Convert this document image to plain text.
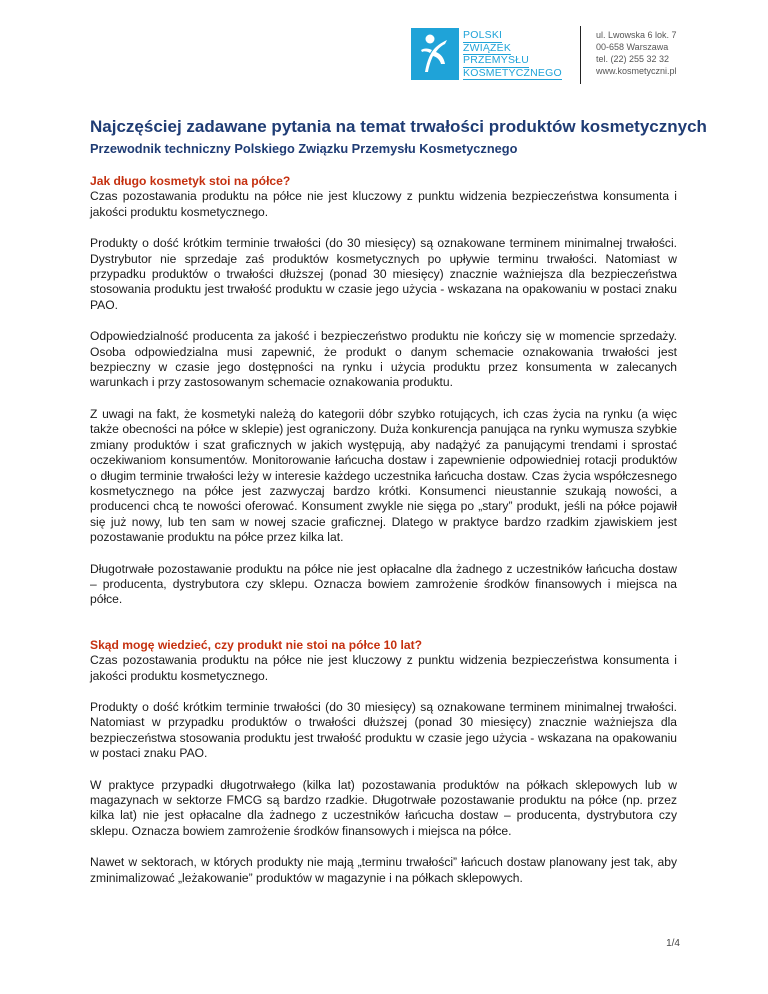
POLSKI
ZWIĄZEK
PRZEMYSŁU
KOSMETYCZNEGO
ul. Lwowska 6 lok. 7
00-658 Warszawa
tel. (22) 255 32 32
www.kosmetyczni.pl
Najczęściej zadawane pytania na temat trwałości produktów kosmetycznych
Przewodnik techniczny Polskiego Związku Przemysłu Kosmetycznego

Jak długo kosmetyk stoi na półce?

Czas pozostawania produktu na półce nie jest kluczowy z punktu widzenia bezpieczeństwa konsumenta i jakości produktu kosmetycznego.

Produkty o dość krótkim terminie trwałości (do 30 miesięcy) są oznakowane terminem minimalnej trwałości. Dystrybutor nie sprzedaje zaś produktów kosmetycznych po upływie terminu trwałości. Natomiast w przypadku produktów o trwałości dłuższej (ponad 30 miesięcy) znacznie ważniejsza dla bezpieczeństwa stosowania produktu jest trwałość produktu w czasie jego użycia - wskazana na opakowaniu w postaci znaku PAO.

Odpowiedzialność producenta za jakość i bezpieczeństwo produktu nie kończy się w momencie sprzedaży. Osoba odpowiedzialna musi zapewnić, że produkt o danym schemacie oznakowania trwałości jest bezpieczny w czasie jego dostępności na rynku i użycia produktu przez konsumenta w zalecanych warunkach i przy zastosowanym schemacie oznakowania produktu.

Z uwagi na fakt, że kosmetyki należą do kategorii dóbr szybko rotujących, ich czas życia na rynku (a więc także obecności na półce w sklepie) jest ograniczony. Duża konkurencja panująca na rynku wymusza szybkie zmiany produktów i szat graficznych w jakich występują, aby nadążyć za panującymi trendami i sprostać oczekiwaniom konsumentów. Monitorowanie łańcucha dostaw i zapewnienie odpowiedniej rotacji produktów o długim terminie trwałości leży w interesie każdego uczestnika łańcucha dostaw. Czas życia współczesnego kosmetycznego na półce jest zazwyczaj bardzo krótki. Konsumenci nieustannie szukają nowości, a producenci chcą te nowości oferować. Konsument zwykle nie sięga po „stary” produkt, jeśli na półce pojawił się już nowy, lub ten sam w nowej szacie graficznej. Dlatego w praktyce bardzo rzadkim zjawiskiem jest pozostawanie produktu na półce przez kilka lat.

Długotrwałe pozostawanie produktu na półce nie jest opłacalne dla żadnego z uczestników łańcucha dostaw – producenta, dystrybutora czy sklepu. Oznacza bowiem zamrożenie środków finansowych i miejsca na półce.

Skąd mogę wiedzieć, czy produkt nie stoi na półce 10 lat?

Czas pozostawania produktu na półce nie jest kluczowy z punktu widzenia bezpieczeństwa konsumenta i jakości produktu kosmetycznego.

Produkty o dość krótkim terminie trwałości (do 30 miesięcy) są oznakowane terminem minimalnej trwałości. Natomiast w przypadku produktów o trwałości dłuższej (ponad 30 miesięcy) znacznie ważniejsza dla bezpieczeństwa stosowania produktu jest trwałość produktu w czasie jego użycia - wskazana na opakowaniu w postaci znaku PAO.

W praktyce przypadki długotrwałego (kilka lat) pozostawania produktów na półkach sklepowych lub w magazynach w sektorze FMCG są bardzo rzadkie. Długotrwałe pozostawanie produktu na półce (np. przez kilka lat) nie jest opłacalne dla żadnego z uczestników łańcucha dostaw – producenta, dystrybutora czy sklepu. Oznacza bowiem zamrożenie środków finansowych i miejsca na półce.

Nawet w sektorach, w których produkty nie mają „terminu trwałości” łańcuch dostaw planowany jest tak, aby zminimalizować „leżakowanie” produktów w magazynie i na półkach sklepowych.

1/4
